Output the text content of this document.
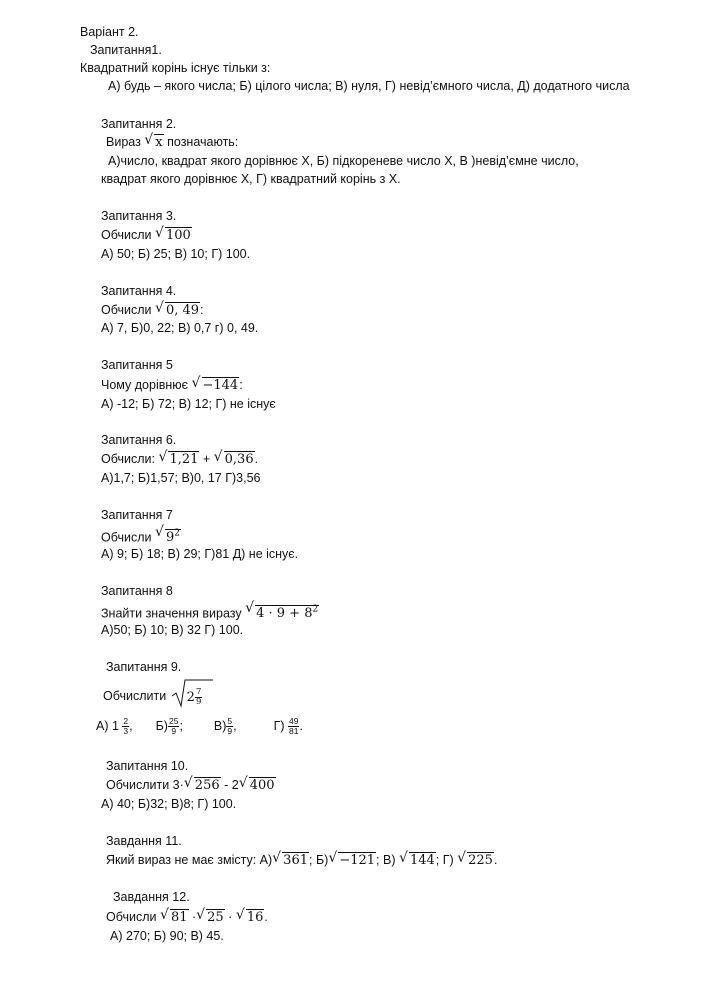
Варіант 2.
Запитання1.
Квадратний корінь існує тільки з:
А) будь – якого числа; Б) цілого числа; В) нуля, Г) невід’ємного числа, Д) додатного числа
Запитання 2.
Вираз √ x позначають:
А)число, квадрат якого дорівнює Х, Б) підкореневе число Х, В )невід’ємне число,
квадрат якого дорівнює Х, Г) квадратний корінь з Х.
Запитання 3.
Обчисли √ 100
А) 50; Б) 25; В) 10; Г) 100.
Запитання 4.
Обчисли √ 0, 49:
А) 7, Б)0, 22; В) 0,7 г) 0, 49.
Запитання 5
Чому дорівнює √ −144:
А) -12; Б) 72; В) 12; Г) не існує
Запитання 6.
Обчисли: √ 1,21 + √ 0,36.
А)1,7; Б)1,57; В)0, 17 Г)3,56
Запитання 7
Обчисли √ $9^2$
А) 9; Б) 18; В) 29; Г)81 Д) не існує.
Запитання 8
Знайти значення виразу √ $4 \cdot 9 + 8^2$
А)50; Б) 10; В) 32 Г) 100.
Запитання 9.
Обчислити
$2 \frac{7}{9}$
А) $1 \frac{2}{3}$ , $Б) \frac{25}{9}$ ; $В) \frac{5}{9}$ ,	$Г) \frac{49}{81}$ .
Запитання 10.
Обчислити 3· √ 256 - 2 √ 400
А) 40; Б)32; В)8; Г) 100.
Завдання 11.
Який вираз не має змісту: А) √ 361; Б) √ −121; В) √ 144; Г) √ 225.
Завдання 12.
Обчисли √ 81 · √ 25 · √ 16.
А) 270; Б) 90; В) 45.
